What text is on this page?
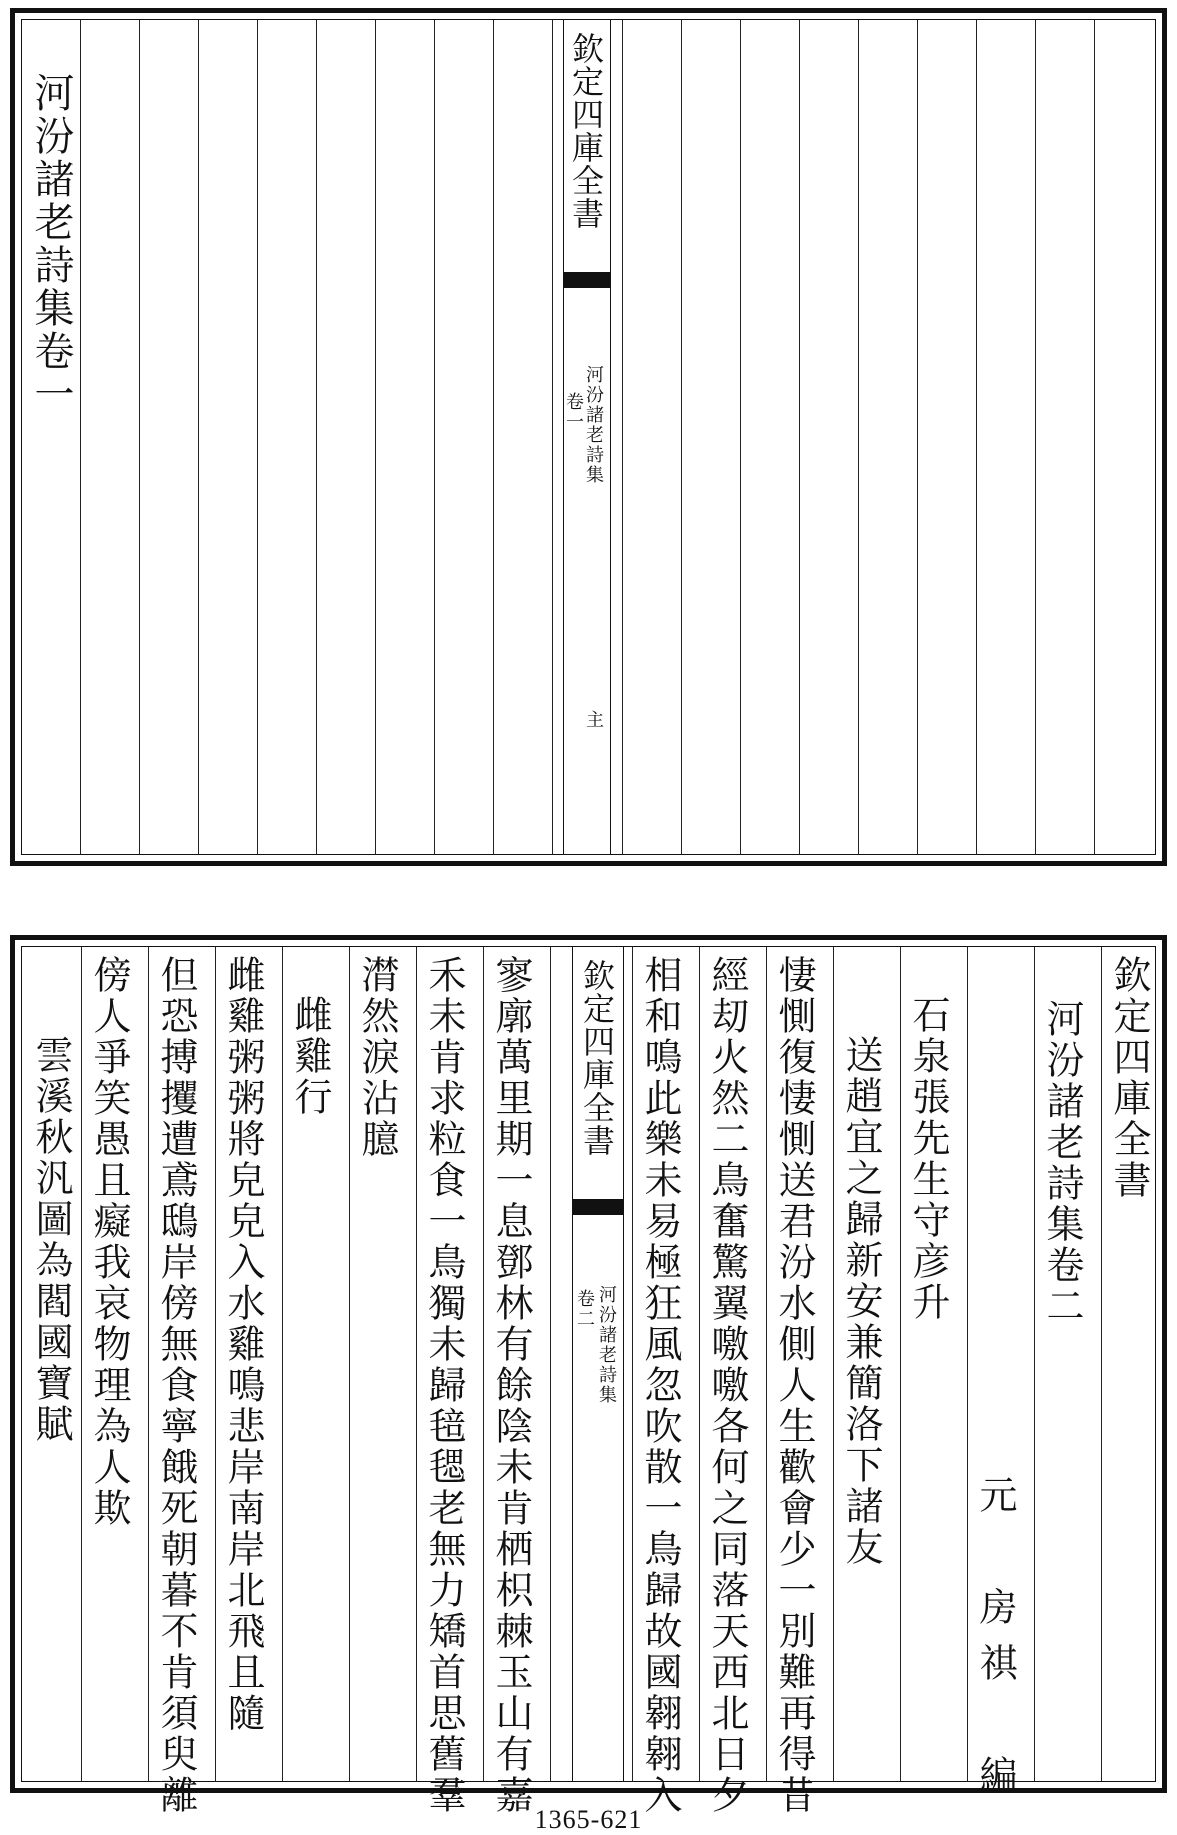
河汾諸老詩集卷一	欽定四庫全書
河汾諸老詩集
卷一
主
欽定四庫全書
河汾諸老詩集卷二
元　房祺　編
石泉張先生守彦升
送趙宜之歸新安兼簡洛下諸友
悽惻復悽惻送君汾水側人生歡會少一別難再得昔
經刧火然二鳥奮驚翼噭噭各何之同落天西北日夕
相和鳴此樂未易極狂風忽吹散一鳥歸故國翱翱入
欽定四庫全書
河汾諸老詩集
卷二
寥廓萬里期一息鄧林有餘陰未肯栖枳棘玉山有嘉
禾未肯求粒食一鳥獨未歸毰毸老無力矯首思舊羣
潸然淚沾臆
雌雞行
雌雞粥粥將皃皃入水雞鳴悲岸南岸北飛且隨
但恐搏攫遭鳶鴟岸傍無食寧餓死朝暮不肯須臾離
傍人爭笑愚且癡我哀物理為人欺
雲溪秋汎圖為閻國寶賦
1365-621
